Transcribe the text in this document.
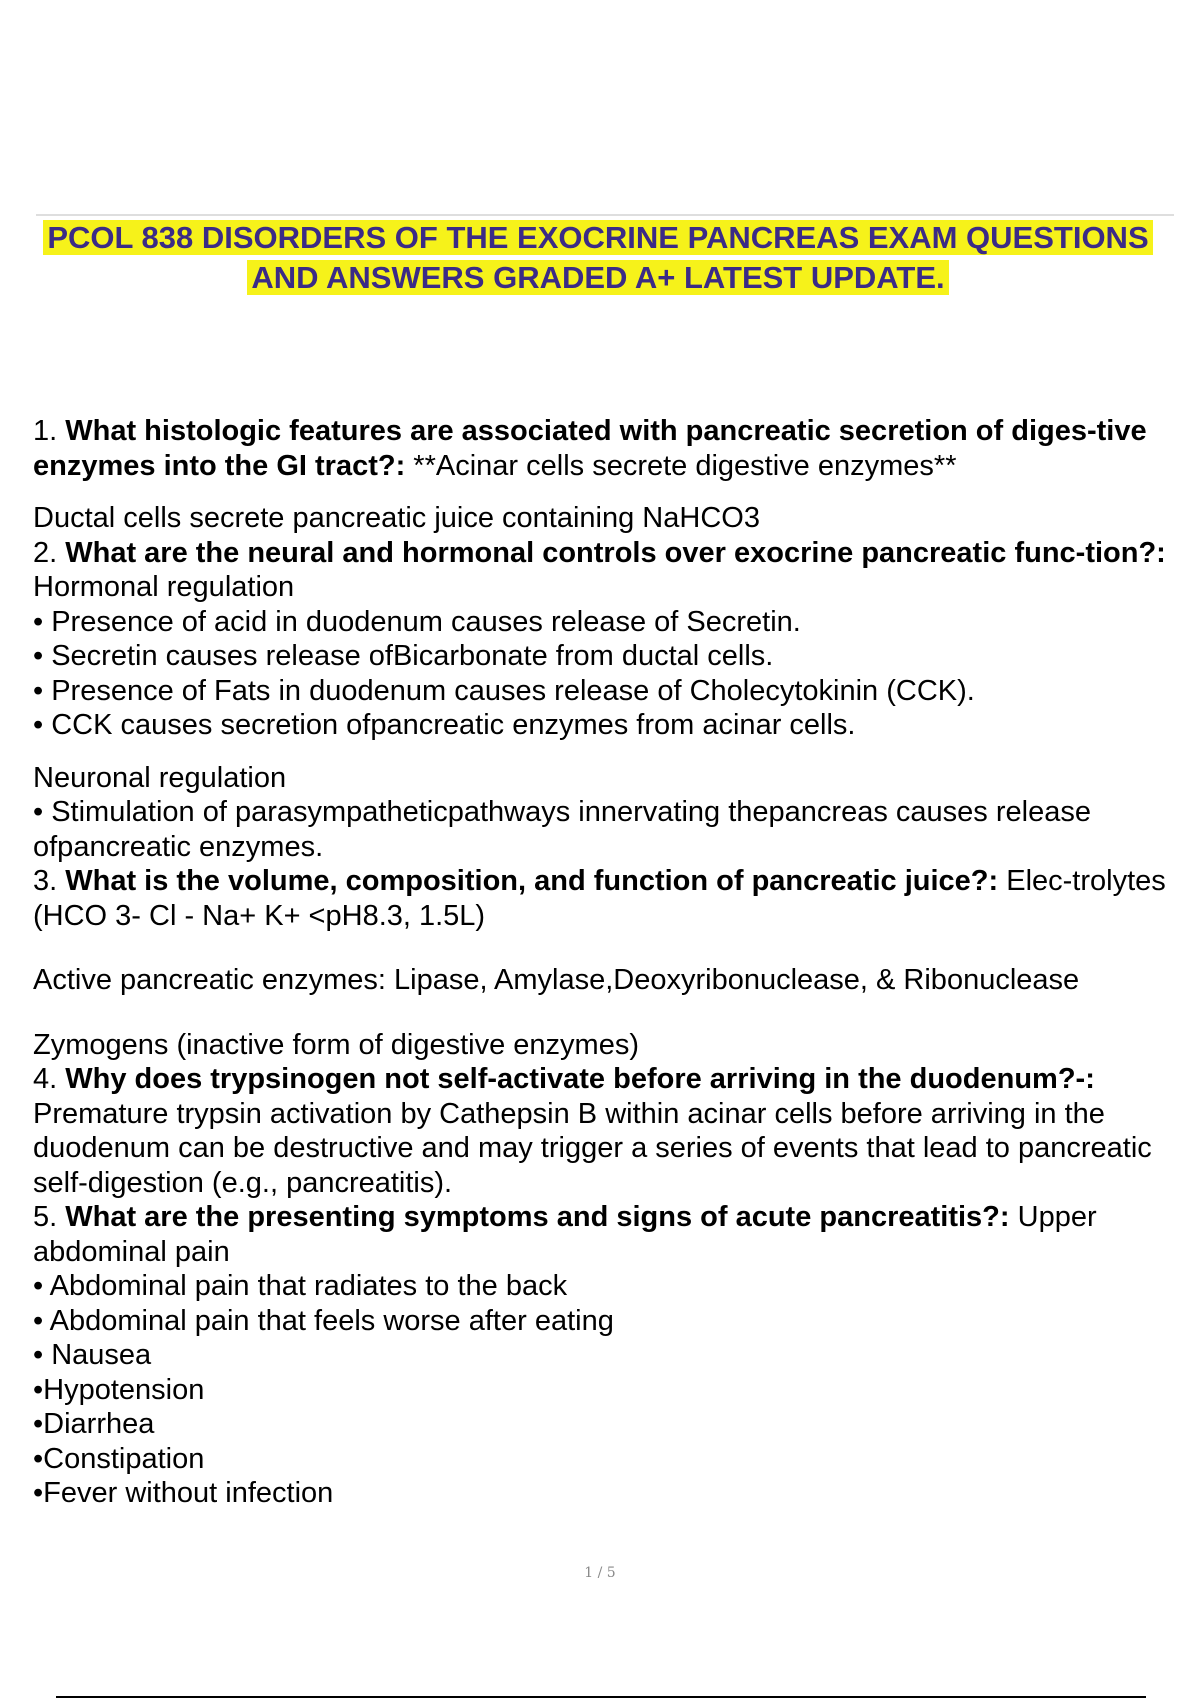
PCOL 838 DISORDERS OF THE EXOCRINE PANCREAS EXAM QUESTIONS
AND ANSWERS GRADED A+ LATEST UPDATE.

1. What histologic features are associated with pancreatic secretion of diges-tive enzymes into the GI tract?: **Acinar cells secrete digestive enzymes**

Ductal cells secrete pancreatic juice containing NaHCO3

2. What are the neural and hormonal controls over exocrine pancreatic func-tion?: Hormonal regulation

• Presence of acid in duodenum causes release of Secretin.

• Secretin causes release ofBicarbonate from ductal cells.

• Presence of Fats in duodenum causes release of Cholecytokinin (CCK).

• CCK causes secretion ofpancreatic enzymes from acinar cells.

Neuronal regulation

• Stimulation of parasympatheticpathways innervating thepancreas causes release ofpancreatic enzymes.

3. What is the volume, composition, and function of pancreatic juice?: Elec-trolytes (HCO 3- Cl - Na+ K+ <pH8.3, 1.5L)

Active pancreatic enzymes: Lipase, Amylase,Deoxyribonuclease, & Ribonuclease

Zymogens (inactive form of digestive enzymes)

4. Why does trypsinogen not self-activate before arriving in the duodenum?-: Premature trypsin activation by Cathepsin B within acinar cells before arriving in the duodenum can be destructive and may trigger a series of events that lead to pancreatic self-digestion (e.g., pancreatitis).

5. What are the presenting symptoms and signs of acute pancreatitis?: Upper abdominal pain

• Abdominal pain that radiates to the back

• Abdominal pain that feels worse after eating

• Nausea

•Hypotension

•Diarrhea

•Constipation

•Fever without infection

1 / 5
